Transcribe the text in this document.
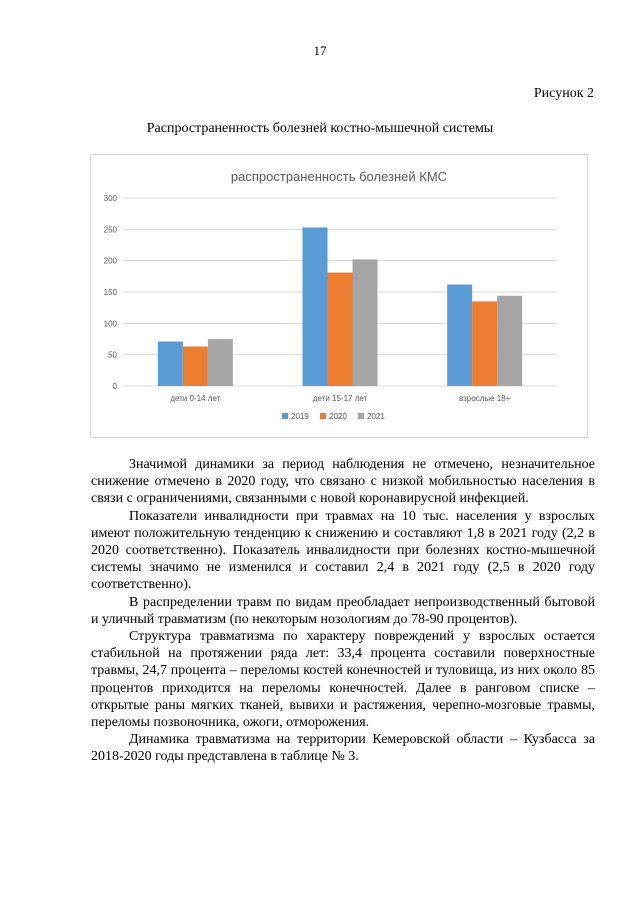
17
Рисунок 2
Распространенность болезней костно-мышечной системы
распространенность болезней КМС
дети 0-14 лет	дети 15-17 лет	взрослые 18+
0
50
100
150
200
250
300
2019	2020	2021

Значимой динамики за период наблюдения не отмечено, незначительное снижение отмечено в 2020 году, что связано с низкой мобильностью населения в связи с ограничениями, связанными с новой коронавирусной инфекцией.

Показатели инвалидности при травмах на 10 тыс. населения у взрослых имеют положительную тенденцию к снижению и составляют 1,8 в 2021 году (2,2 в 2020 соответственно). Показатель инвалидности при болезнях костно-мышечной системы значимо не изменился и составил 2,4 в 2021 году (2,5 в 2020 году соответственно).

В распределении травм по видам преобладает непроизводственный бытовой и уличный травматизм (по некоторым нозологиям до 78-90 процентов).

Структура травматизма по характеру повреждений у взрослых остается стабильной на протяжении ряда лет: 33,4 процента составили поверхностные травмы, 24,7 процента – переломы костей конечностей и туловища, из них около 85 процентов приходится на переломы конечностей. Далее в ранговом списке – открытые раны мягких тканей, вывихи и растяжения, черепно-мозговые травмы, переломы позвоночника, ожоги, отморожения.

Динамика травматизма на территории Кемеровской области – Кузбасса за 2018-2020 годы представлена в таблице № 3.
